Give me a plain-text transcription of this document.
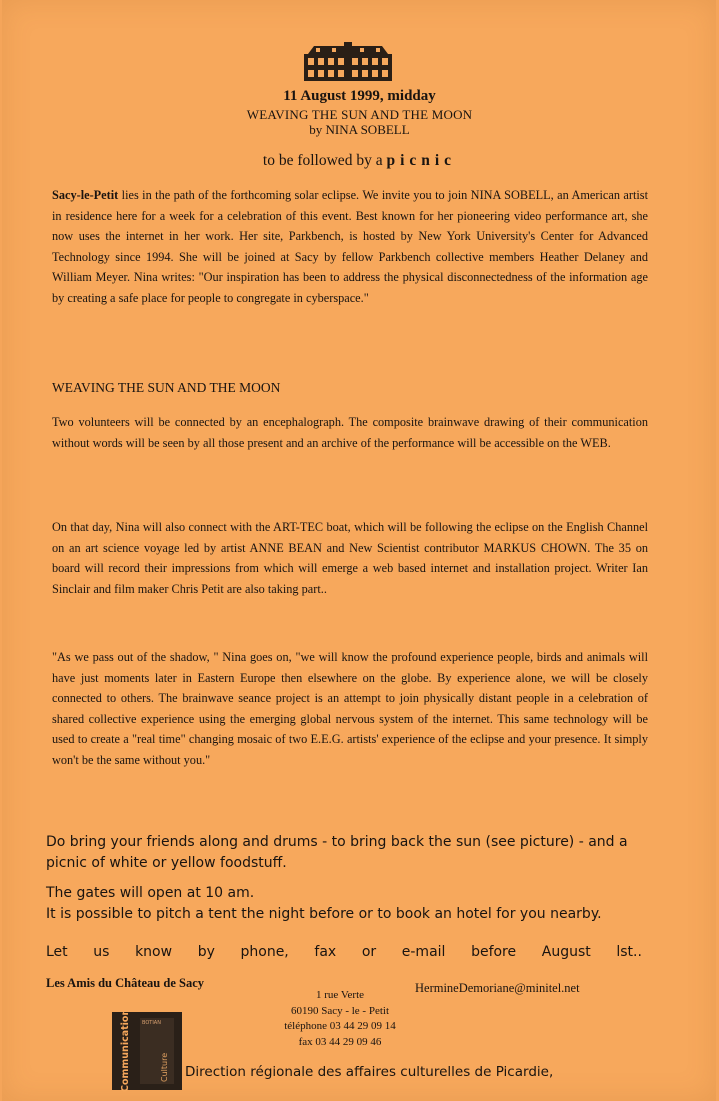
11 August 1999, midday
WEAVING THE SUN AND THE MOON
by NINA SOBELL
to be followed by a picnic
Sacy-le-Petit lies in the path of the forthcoming solar eclipse. We invite you to join NINA SOBELL, an American artist in residence here for a week for a celebration of this event. Best known for her pioneering video performance art, she now uses the internet in her work. Her site, Parkbench, is hosted by New York University's Center for Advanced Technology since 1994. She will be joined at Sacy by fellow Parkbench collective members Heather Delaney and William Meyer. Nina writes: "Our inspiration has been to address the physical disconnectedness of the information age by creating a safe place for people to congregate in cyberspace."
WEAVING THE SUN AND THE MOON
Two volunteers will be connected by an encephalograph. The composite brainwave drawing of their communication without words will be seen by all those present and an archive of the performance will be accessible on the WEB.
On that day, Nina will also connect with the ART-TEC boat, which will be following the eclipse on the English Channel on an art science voyage led by artist ANNE BEAN and New Scientist contributor MARKUS CHOWN. The 35 on board will record their impressions from which will emerge a web based internet and installation project. Writer Ian Sinclair and film maker Chris Petit are also taking part..
"As we pass out of the shadow, " Nina goes on, "we will know the profound experience people, birds and animals will have just moments later in Eastern Europe then elsewhere on the globe. By experience alone, we will be closely connected to others. The brainwave seance project is an attempt to join physically distant people in a celebration of shared collective experience using the emerging global nervous system of the internet. This same technology will be used to create a "real time" changing mosaic of two E.E.G. artists' experience of the eclipse and your presence. It simply won't be the same without you."
Do bring your friends along and drums - to bring back the sun (see picture) - and a
picnic of white or yellow foodstuff.
The gates will open at 10 am.
It is possible to pitch a tent the night before or to book an hotel for you nearby.
Let us know by phone, fax or e-mail before August lst..
Les Amis du Château de Sacy	HermineDemoriane@minitel.net
1 rue Verte
60190 Sacy - le - Petit
téléphone 03 44 29 09 14
fax 03 44 29 09 46
Communication	BOTIAN
Culture Direction régionale des affaires culturelles de Picardie,
